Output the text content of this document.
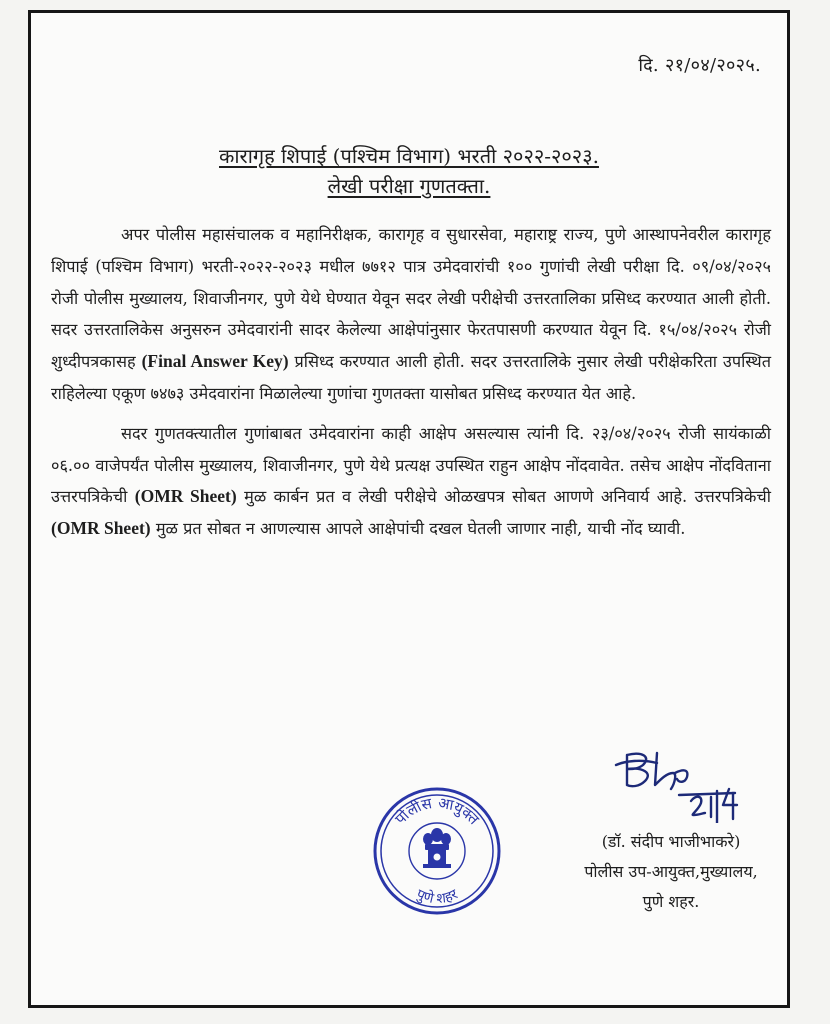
दि. २१/०४/२०२५.
कारागृह शिपाई (पश्चिम विभाग) भरती २०२२-२०२३.
लेखी परीक्षा गुणतक्ता.

अपर पोलीस महासंचालक व महानिरीक्षक, कारागृह व सुधारसेवा, महाराष्ट्र राज्य, पुणे आस्थापनेवरील कारागृह शिपाई (पश्चिम विभाग) भरती-२०२२-२०२३ मधील ७७१२ पात्र उमेदवारांची १०० गुणांची लेखी परीक्षा दि. ०९/०४/२०२५ रोजी पोलीस मुख्यालय, शिवाजीनगर, पुणे येथे घेण्यात येवून सदर लेखी परीक्षेची उत्तरतालिका प्रसिध्द करण्यात आली होती. सदर उत्तरतालिकेस अनुसरुन उमेदवारांनी सादर केलेल्या आक्षेपांनुसार फेरतपासणी करण्यात येवून दि. १५/०४/२०२५ रोजी शुध्दीपत्रकासह (Final Answer Key) प्रसिध्द करण्यात आली होती. सदर उत्तरतालिके नुसार लेखी परीक्षेकरिता उपस्थित राहिलेल्या एकूण ७४७३ उमेदवारांना मिळालेल्या गुणांचा गुणतक्ता यासोबत प्रसिध्द करण्यात येत आहे.

सदर गुणतक्त्यातील गुणांबाबत उमेदवारांना काही आक्षेप असल्यास त्यांनी दि. २३/०४/२०२५ रोजी सायंकाळी ०६.०० वाजेपर्यंत पोलीस मुख्यालय, शिवाजीनगर, पुणे येथे प्रत्यक्ष उपस्थित राहुन आक्षेप नोंदवावेत. तसेच आक्षेप नोंदविताना उत्तरपत्रिकेची (OMR Sheet) मुळ कार्बन प्रत व लेखी परीक्षेचे ओळखपत्र सोबत आणणे अनिवार्य आहे. उत्तरपत्रिकेची (OMR Sheet) मुळ प्रत सोबत न आणल्यास आपले आक्षेपांची दखल घेतली जाणार नाही, याची नोंद घ्यावी.

(डॉ. संदीप भाजीभाकरे)
पोलीस उप-आयुक्त,मुख्यालय,
पुणे शहर.
पोलीस आयुक्त
पुणे शहर
